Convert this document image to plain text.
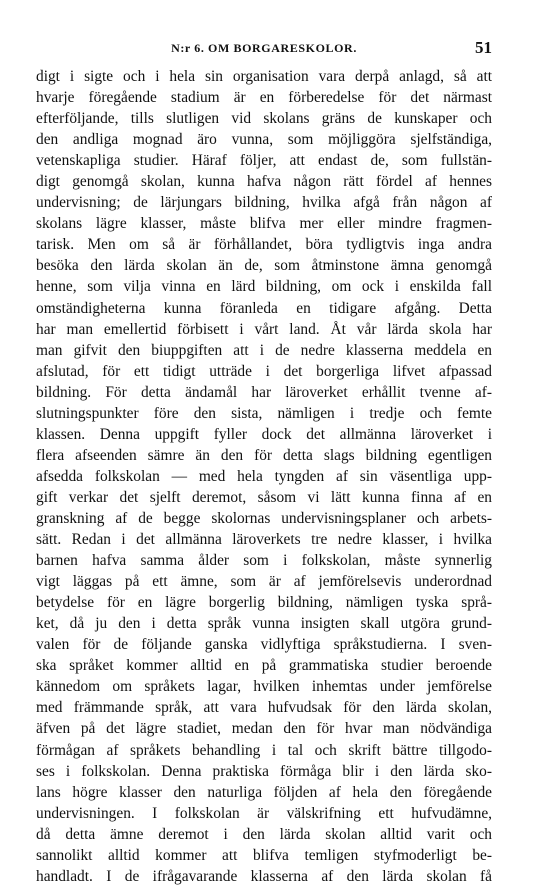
N:r 6. OM BORGARESKOLOR.	51
digt i sigte och i hela sin organisation vara derpå anlagd, så att
hvarje föregående stadium är en förberedelse för det närmast
efterföljande, tills slutligen vid skolans gräns de kunskaper och
den andliga mognad äro vunna, som möjliggöra sjelfständiga,
vetenskapliga studier. Häraf följer, att endast de, som fullstän-
digt genomgå skolan, kunna hafva någon rätt fördel af hennes
undervisning; de lärjungars bildning, hvilka afgå från någon af
skolans lägre klasser, måste blifva mer eller mindre fragmen-
tarisk. Men om så är förhållandet, böra tydligtvis inga andra
besöka den lärda skolan än de, som åtminstone ämna genomgå
henne, som vilja vinna en lärd bildning, om ock i enskilda fall
omständigheterna kunna föranleda en tidigare afgång. Detta
har man emellertid förbisett i vårt land. Åt vår lärda skola har
man gifvit den biuppgiften att i de nedre klasserna meddela en
afslutad, för ett tidigt utträde i det borgerliga lifvet afpassad
bildning. För detta ändamål har läroverket erhållit tvenne af-
slutningspunkter före den sista, nämligen i tredje och femte
klassen. Denna uppgift fyller dock det allmänna läroverket i
flera afseenden sämre än den för detta slags bildning egentligen
afsedda folkskolan — med hela tyngden af sin väsentliga upp-
gift verkar det sjelft deremot, såsom vi lätt kunna finna af en
granskning af de begge skolornas undervisningsplaner och arbets-
sätt. Redan i det allmänna läroverkets tre nedre klasser, i hvilka
barnen hafva samma ålder som i folkskolan, måste synnerlig
vigt läggas på ett ämne, som är af jemförelsevis underordnad
betydelse för en lägre borgerlig bildning, nämligen tyska språ-
ket, då ju den i detta språk vunna insigten skall utgöra grund-
valen för de följande ganska vidlyftiga språkstudierna. I sven-
ska språket kommer alltid en på grammatiska studier beroende
kännedom om språkets lagar, hvilken inhemtas under jemförelse
med främmande språk, att vara hufvudsak för den lärda skolan,
äfven på det lägre stadiet, medan den för hvar man nödvändiga
förmågan af språkets behandling i tal och skrift bättre tillgodo-
ses i folkskolan. Denna praktiska förmåga blir i den lärda sko-
lans högre klasser den naturliga följden af hela den föregående
undervisningen. I folkskolan är välskrifning ett hufvudämne,
då detta ämne deremot i den lärda skolan alltid varit och
sannolikt alltid kommer att blifva temligen styfmoderligt be-
handladt. I de ifrågavarande klasserna af den lärda skolan få
